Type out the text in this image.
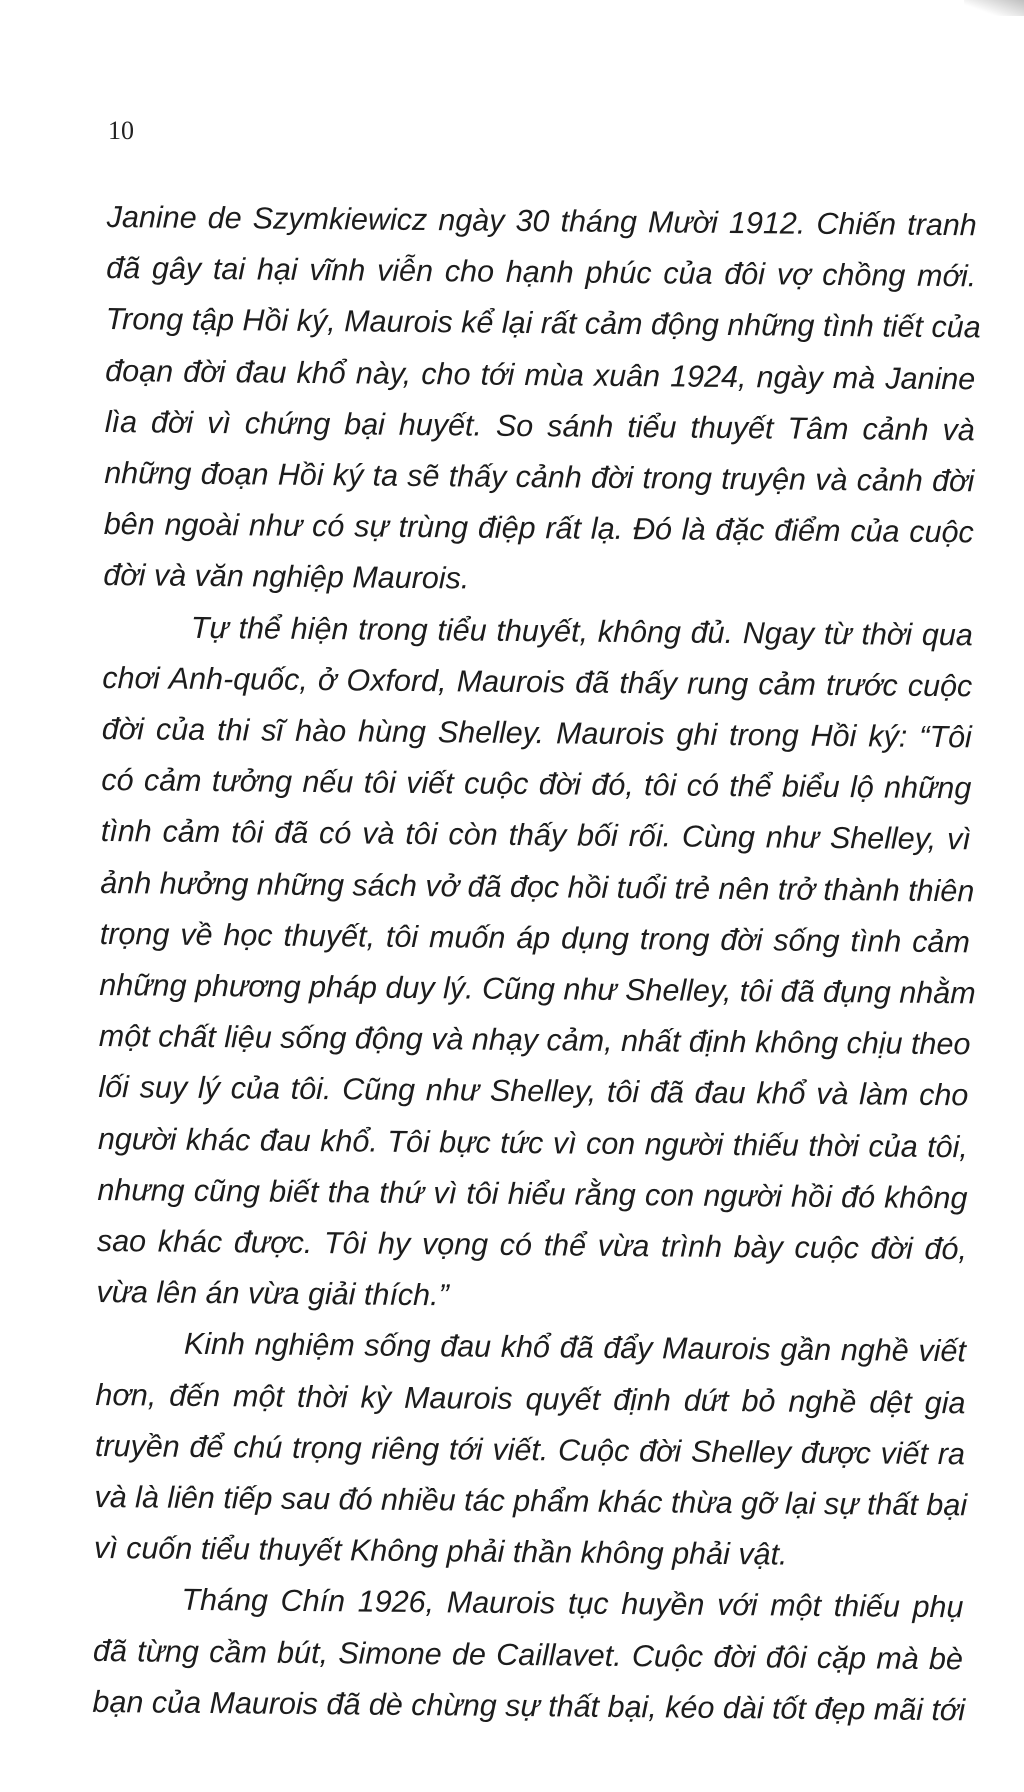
10
Janine de Szymkiewicz ngày 30 tháng Mười 1912. Chiến tranh
đã gây tai hại vĩnh viễn cho hạnh phúc của đôi vợ chồng mới.
Trong tập Hồi ký, Maurois kể lại rất cảm động những tình tiết của
đoạn đời đau khổ này, cho tới mùa xuân 1924, ngày mà Janine
lìa đời vì chứng bại huyết. So sánh tiểu thuyết Tâm cảnh và
những đoạn Hồi ký ta sẽ thấy cảnh đời trong truyện và cảnh đời
bên ngoài như có sự trùng điệp rất lạ. Đó là đặc điểm của cuộc
đời và văn nghiệp Maurois.
Tự thể hiện trong tiểu thuyết, không đủ. Ngay từ thời qua
chơi Anh-quốc, ở Oxford, Maurois đã thấy rung cảm trước cuộc
đời của thi sĩ hào hùng Shelley. Maurois ghi trong Hồi ký: “Tôi
có cảm tưởng nếu tôi viết cuộc đời đó, tôi có thể biểu lộ những
tình cảm tôi đã có và tôi còn thấy bối rối. Cùng như Shelley, vì
ảnh hưởng những sách vở đã đọc hồi tuổi trẻ nên trở thành thiên
trọng về học thuyết, tôi muốn áp dụng trong đời sống tình cảm
những phương pháp duy lý. Cũng như Shelley, tôi đã đụng nhằm
một chất liệu sống động và nhạy cảm, nhất định không chịu theo
lối suy lý của tôi. Cũng như Shelley, tôi đã đau khổ và làm cho
người khác đau khổ. Tôi bực tức vì con người thiếu thời của tôi,
nhưng cũng biết tha thứ vì tôi hiểu rằng con người hồi đó không
sao khác được. Tôi hy vọng có thể vừa trình bày cuộc đời đó,
vừa lên án vừa giải thích.”
Kinh nghiệm sống đau khổ đã đẩy Maurois gần nghề viết
hơn, đến một thời kỳ Maurois quyết định dứt bỏ nghề dệt gia
truyền để chú trọng riêng tới viết. Cuộc đời Shelley được viết ra
và là liên tiếp sau đó nhiều tác phẩm khác thừa gỡ lại sự thất bại
vì cuốn tiểu thuyết Không phải thần không phải vật.
Tháng Chín 1926, Maurois tục huyền với một thiếu phụ
đã từng cầm bút, Simone de Caillavet. Cuộc đời đôi cặp mà bè
bạn của Maurois đã dè chừng sự thất bại, kéo dài tốt đẹp mãi tới
